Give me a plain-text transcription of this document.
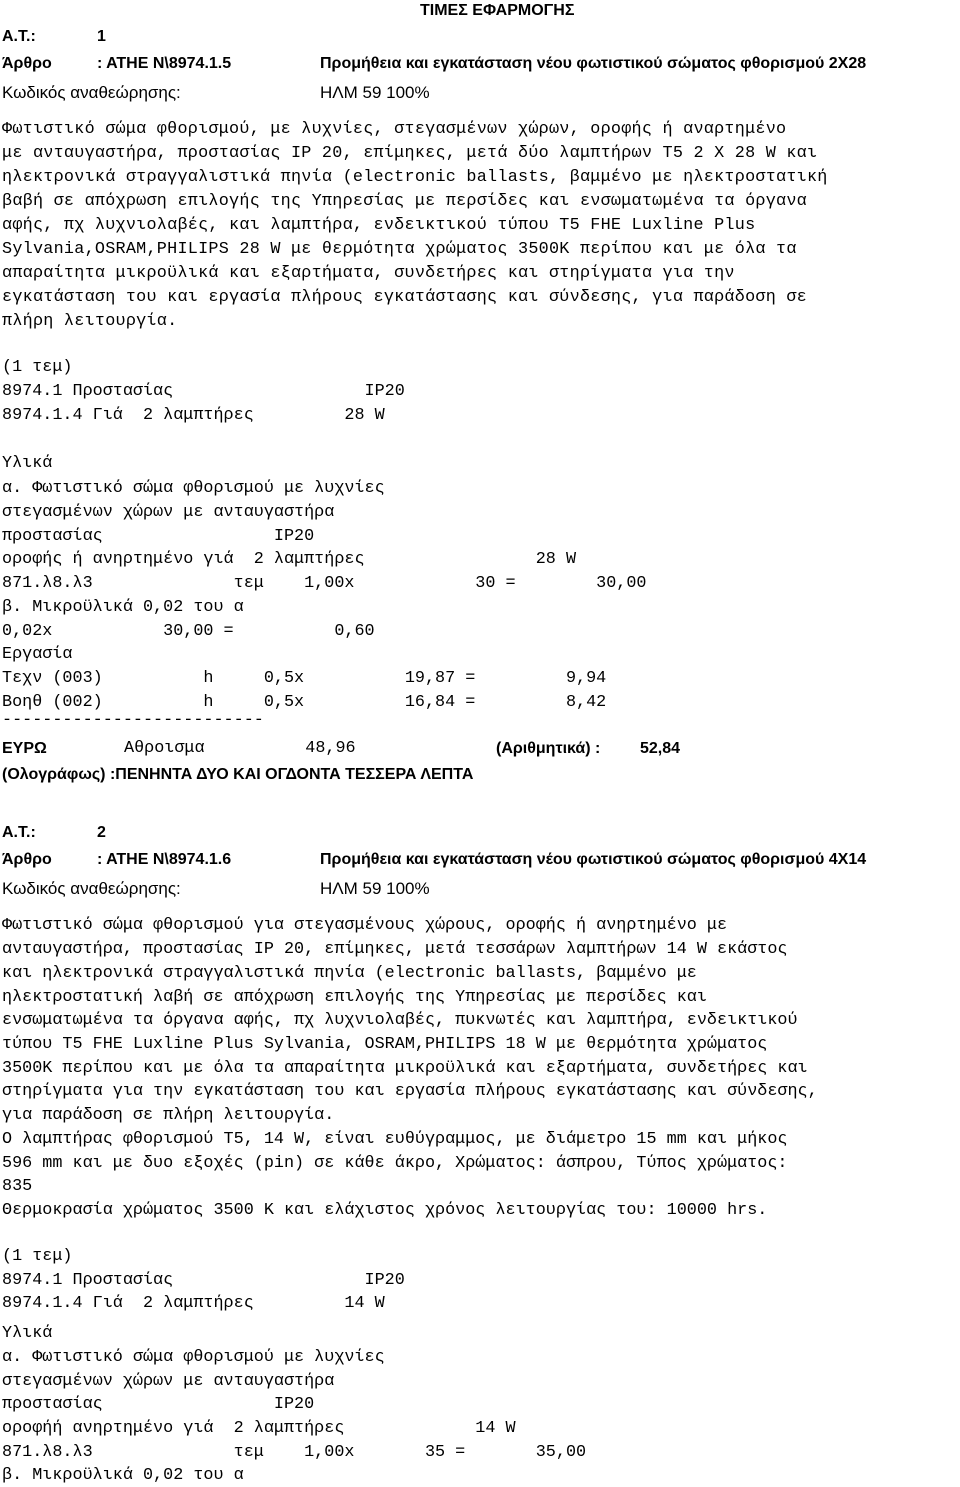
ΤΙΜΕΣ ΕΦΑΡΜΟΓΗΣ
Α.Τ.:	1
Άρθρο	: ΑΤΗΕ Ν\8974.1.5	Προμήθεια και εγκατάσταση νέου φωτιστικού σώματος φθορισμού 2Χ28
Κωδικός αναθεώρησης:	ΗΛΜ 59 100%
Φωτιστικό σώμα φθορισμού, με λυχνίες, στεγασμένων χώρων, οροφής ή αναρτημένο
με ανταυγαστήρα, προστασίας IP 20, επίμηκες, μετά δύο λαμπτήρων Τ5 2 Χ 28 W και
ηλεκτρονικά στραγγαλιστικά πηνία (electronic ballasts, βαμμένο με ηλεκτροστατική
βαβή σε απόχρωση επιλογής της Υπηρεσίας με περσίδες και ενσωματωμένα τα όργανα
αφής, πχ λυχνιολαβές, και λαμπτήρα, ενδεικτικού τύπου Τ5 FHE Luxline Plus
Sylvania,OSRAM,PHILIPS 28 W με θερμότητα χρώματος 3500K περίπου και με όλα τα
απαραίτητα μικροϋλικά και εξαρτήματα, συνδετήρες και στηρίγματα για την
εγκατάσταση του και εργασία πλήρους εγκατάστασης και σύνδεσης, για παράδοση σε
πλήρη λειτουργία.
(1 τεμ)
8974.1 Προστασίας                   IP20
8974.1.4 Γιά  2 λαμπτήρες         28 W
Υλικά
α. Φωτιστικό σώμα φθορισμού με λυχνίες
στεγασμένων χώρων με ανταυγαστήρα
προστασίας                 IP20
οροφής ή ανηρτημένο γιά  2 λαμπτήρες                 28 W
871.λ8.λ3              τεμ    1,00x            30 =        30,00
β. Μικροϋλικά 0,02 του α
0,02x           30,00 =          0,60
Εργασία
Τεχν (003)          h     0,5x          19,87 =         9,94
Βοηθ (002)          h     0,5x          16,84 =         8,42
--------------------------
ΕΥΡΩ	Αθροισμα          48,96	(Αριθμητικά) : 52,84
(Ολογράφως) :ΠΕΝΗΝΤΑ ΔΥΟ ΚΑΙ ΟΓΔΟΝΤΑ ΤΕΣΣΕΡΑ ΛΕΠΤΑ
Α.Τ.:	2
Άρθρο	: ΑΤΗΕ Ν\8974.1.6	Προμήθεια και εγκατάσταση νέου φωτιστικού σώματος φθορισμού 4Χ14
Κωδικός αναθεώρησης:	ΗΛΜ 59 100%
Φωτιστικό σώμα φθορισμού για στεγασμένους χώρους, οροφής ή ανηρτημένο με
ανταυγαστήρα, προστασίας IP 20, επίμηκες, μετά τεσσάρων λαμπτήρων 14 W εκάστος
και ηλεκτρονικά στραγγαλιστικά πηνία (electronic ballasts, βαμμένο με
ηλεκτροστατική λαβή σε απόχρωση επιλογής της Υπηρεσίας με περσίδες και
ενσωματωμένα τα όργανα αφής, πχ λυχνιολαβές, πυκνωτές και λαμπτήρα, ενδεικτικού
τύπου T5 FHE Luxline Plus Sylvania, OSRAM,PHILIPS 18 W με θερμότητα χρώματος
3500K περίπου και με όλα τα απαραίτητα μικροϋλικά και εξαρτήματα, συνδετήρες και
στηρίγματα για την εγκατάσταση του και εργασία πλήρους εγκατάστασης και σύνδεσης,
για παράδοση σε πλήρη λειτουργία.
Ο λαμπτήρας φθορισμού T5, 14 W, είναι ευθύγραμμος, με διάμετρο 15 mm και μήκος
596 mm και με δυο εξοχές (pin) σε κάθε άκρο, Χρώματος: άσπρου, Τύπος χρώματος:
835
Θερμοκρασία χρώματος 3500 Κ και ελάχιστος χρόνος λειτουργίας του: 10000 hrs.
(1 τεμ)
8974.1 Προστασίας                   IP20
8974.1.4 Γιά  2 λαμπτήρες         14 W
Υλικά
α. Φωτιστικό σώμα φθορισμού με λυχνίες
στεγασμένων χώρων με ανταυγαστήρα
προστασίας                 IP20
οροφήή ανηρτημένο γιά  2 λαμπτήρες             14 W
871.λ8.λ3              τεμ    1,00x       35 =       35,00
β. Μικροϋλικά 0,02 του α
